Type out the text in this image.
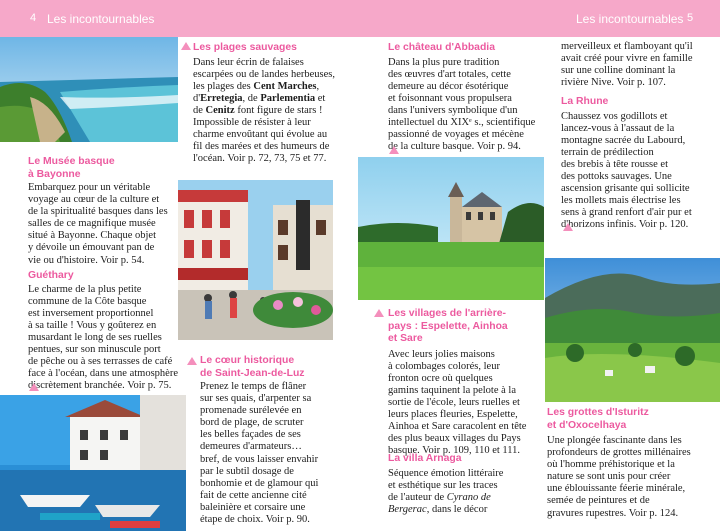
4 Les incontournables	Les incontournables 5
Les plages sauvages
Dans leur écrin de falaises
escarpées ou de landes herbeuses,
les plages des Cent Marches,
d'Erretegia, de Parlementia et
de Cenitz font figure de stars !
Impossible de résister à leur
charme envoûtant qui évolue au
fil des marées et des humeurs de
l'océan. Voir p. 72, 73, 75 et 77.
Le Musée basque
à Bayonne
Embarquez pour un véritable
voyage au cœur de la culture et
de la spiritualité basques dans les
salles de ce magnifique musée
situé à Bayonne. Chaque objet
y dévoile un émouvant pan de
vie ou d'histoire. Voir p. 54.
Guéthary
Le charme de la plus petite
commune de la Côte basque
est inversement proportionnel
à sa taille ! Vous y goûterez en
musardant le long de ses ruelles
pentues, sur son minuscule port
de pêche ou à ses terrasses de café
face à l'océan, dans une atmosphère
discrètement branchée. Voir p. 75.
Le cœur historique
de Saint-Jean-de-Luz
Prenez le temps de flâner
sur ses quais, d'arpenter sa
promenade surélevée en
bord de plage, de scruter
les belles façades de ses
demeures d'armateurs…
bref, de vous laisser envahir
par le subtil dosage de
bonhomie et de glamour qui
fait de cette ancienne cité
baleinière et corsaire une
étape de choix. Voir p. 90.
Le château d'Abbadia
Dans la plus pure tradition
des œuvres d'art totales, cette
demeure au décor ésotérique
et foisonnant vous propulsera
dans l'univers symbolique d'un
intellectuel du XIXᵉ s., scientifique
passionné de voyages et mécène
de la culture basque. Voir p. 94.
Les villages de l'arrière-
pays : Espelette, Ainhoa
et Sare
Avec leurs jolies maisons
à colombages colorés, leur
fronton ocre où quelques
gamins taquinent la pelote à la
sortie de l'école, leurs ruelles et
leurs places fleuries, Espelette,
Ainhoa et Sare caracolent en tête
des plus beaux villages du Pays
basque. Voir p. 109, 110 et 111.
La villa Arnaga
Séquence émotion littéraire
et esthétique sur les traces
de l'auteur de Cyrano de
Bergerac, dans le décor
merveilleux et flamboyant qu'il
avait créé pour vivre en famille
sur une colline dominant la
rivière Nive. Voir p. 107.
La Rhune
Chaussez vos godillots et
lancez-vous à l'assaut de la
montagne sacrée du Labourd,
terrain de prédilection
des brebis à tête rousse et
des pottoks sauvages. Une
ascension grisante qui sollicite
les mollets mais électrise les
sens à grand renfort d'air pur et
d'horizons infinis. Voir p. 120.
Les grottes d'Isturitz
et d'Oxocelhaya
Une plongée fascinante dans les
profondeurs de grottes millénaires
où l'homme préhistorique et la
nature se sont unis pour créer
une éblouissante féerie minérale,
semée de peintures et de
gravures rupestres. Voir p. 124.
